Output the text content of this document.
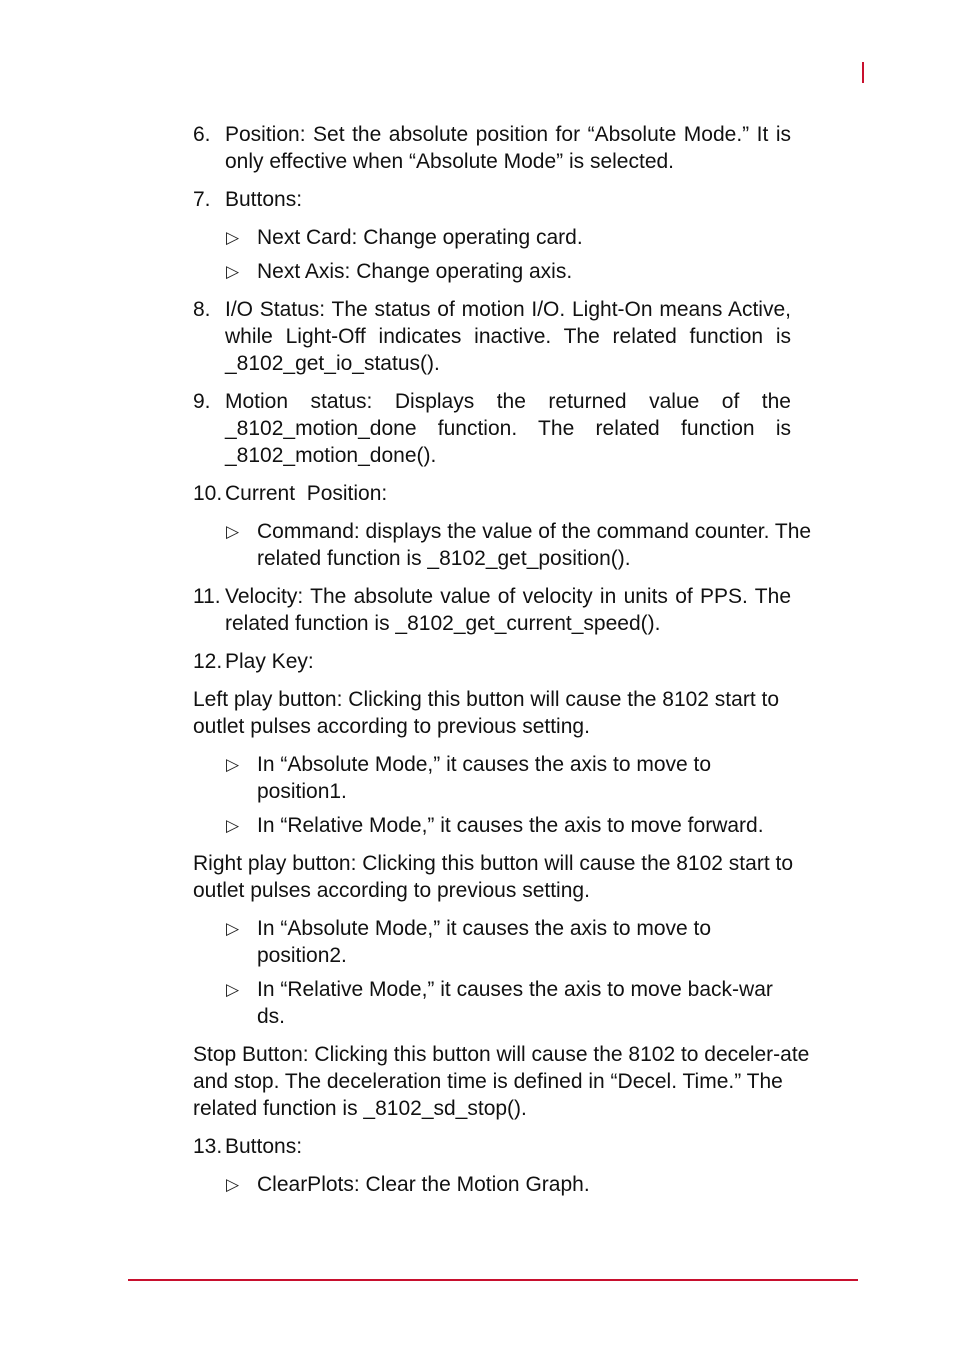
6. Position: Set the absolute position for “Absolute Mode.” It is only effective when “Absolute Mode” is selected.
7. Buttons:
▷ Next Card: Change operating card.
▷ Next Axis: Change operating axis.
8. I/O Status: The status of motion I/O. Light-On means Active, while Light-Off indicates inactive. The related function is _8102_get_io_status().
9. Motion status: Displays the returned value of the _8102_motion_done function. The related function is _8102_motion_done().
10. Current  Position:
▷ Command: displays the value of the command counter. The related function is _8102_get_position().
11. Velocity: The absolute value of velocity in units of PPS. The related function is _8102_get_current_speed().
12. Play Key:
Left play button: Clicking this button will cause the 8102 start to outlet pulses according to previous setting.
▷ In “Absolute Mode,” it causes the axis to move to position1.
▷ In “Relative Mode,” it causes the axis to move forward.
Right play button: Clicking this button will cause the 8102 start to outlet pulses according to previous setting.
▷ In “Absolute Mode,” it causes the axis to move to position2.
▷ In “Relative Mode,” it causes the axis to move back-wards.
Stop Button: Clicking this button will cause the 8102 to deceler-ate and stop. The deceleration time is defined in “Decel. Time.” The related function is _8102_sd_stop().
13. Buttons:
▷ ClearPlots: Clear the Motion Graph.
